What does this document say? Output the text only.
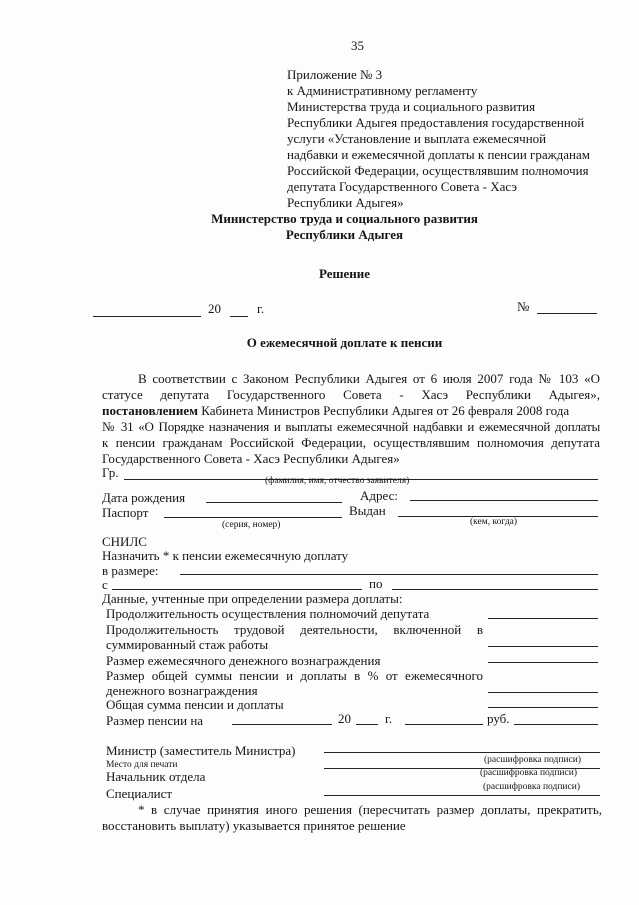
35
Приложение № 3
к Административному регламенту
Министерства труда и социального развития
Республики Адыгея предоставления государственной
услуги «Установление и выплата ежемесячной
надбавки и ежемесячной доплаты к пенсии гражданам
Российской Федерации, осуществлявшим полномочия
депутата Государственного Совета - Хасэ
Республики Адыгея»
Министерство труда и социального развития
Республики Адыгея
Решение
20	г.	№
О ежемесячной доплате к пенсии
В соответствии с Законом Республики Адыгея от 6 июля 2007 года № 103 «О
статусе депутата Государственного Совета - Хасэ Республики Адыгея»,
постановлением Кабинета Министров Республики Адыгея от 26 февраля 2008 года
№ 31 «О Порядке назначения и выплаты ежемесячной надбавки и ежемесячной доплаты
к пенсии гражданам Российской Федерации, осуществлявшим полномочия депутата
Государственного Совета - Хасэ Республики Адыгея»
Гр.
(фамилия, имя, отчество заявителя)
Дата рождения	Адрес:
Паспорт	Выдан
(серия, номер)	(кем, когда)
СНИЛС
Назначить * к пенсии ежемесячную доплату
в размере:
с	по
Данные, учтенные при определении размера доплаты:
Продолжительность осуществления полномочий депутата
Продолжительность трудовой деятельности, включенной в
суммированный стаж работы
Размер ежемесячного денежного вознаграждения
Размер общей суммы пенсии и доплаты в % от ежемесячного
денежного вознаграждения
Общая сумма пенсии и доплаты
Размер пенсии на	20	г.	руб.
Министр (заместитель Министра)
Место для печати	(расшифровка подписи)
Начальник отдела	(расшифровка подписи)
Специалист	(расшифровка подписи)
* в случае принятия иного решения (пересчитать размер доплаты, прекратить,
восстановить выплату) указывается принятое решение
